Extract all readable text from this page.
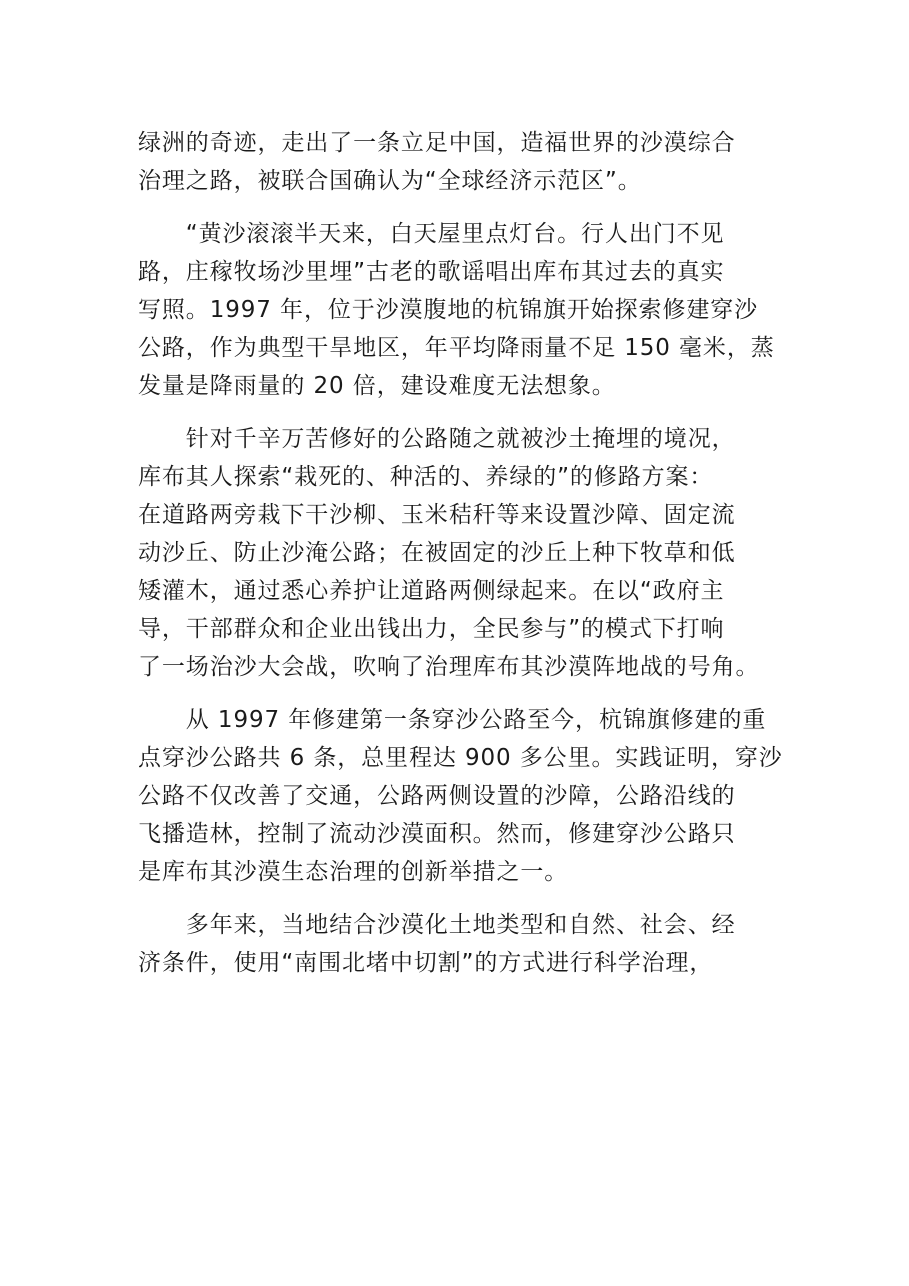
绿洲的奇迹，走出了一条立足中国，造福世界的沙漠综合
治理之路，被联合国确认为“全球经济示范区”。
　　“黄沙滚滚半天来，白天屋里点灯台。行人出门不见
路，庄稼牧场沙里埋”古老的歌谣唱出库布其过去的真实
写照。1997 年，位于沙漠腹地的杭锦旗开始探索修建穿沙
公路，作为典型干旱地区，年平均降雨量不足 150 毫米，蒸
发量是降雨量的 20 倍，建设难度无法想象。
　　针对千辛万苦修好的公路随之就被沙土掩埋的境况，
库布其人探索“栽死的、种活的、养绿的”的修路方案：
在道路两旁栽下干沙柳、玉米秸秆等来设置沙障、固定流
动沙丘、防止沙淹公路；在被固定的沙丘上种下牧草和低
矮灌木，通过悉心养护让道路两侧绿起来。在以“政府主
导，干部群众和企业出钱出力，全民参与”的模式下打响
了一场治沙大会战，吹响了治理库布其沙漠阵地战的号角。
　　从 1997 年修建第一条穿沙公路至今，杭锦旗修建的重
点穿沙公路共 6 条，总里程达 900 多公里。实践证明，穿沙
公路不仅改善了交通，公路两侧设置的沙障，公路沿线的
飞播造林，控制了流动沙漠面积。然而，修建穿沙公路只
是库布其沙漠生态治理的创新举措之一。
　　多年来，当地结合沙漠化土地类型和自然、社会、经
济条件，使用“南围北堵中切割”的方式进行科学治理，
